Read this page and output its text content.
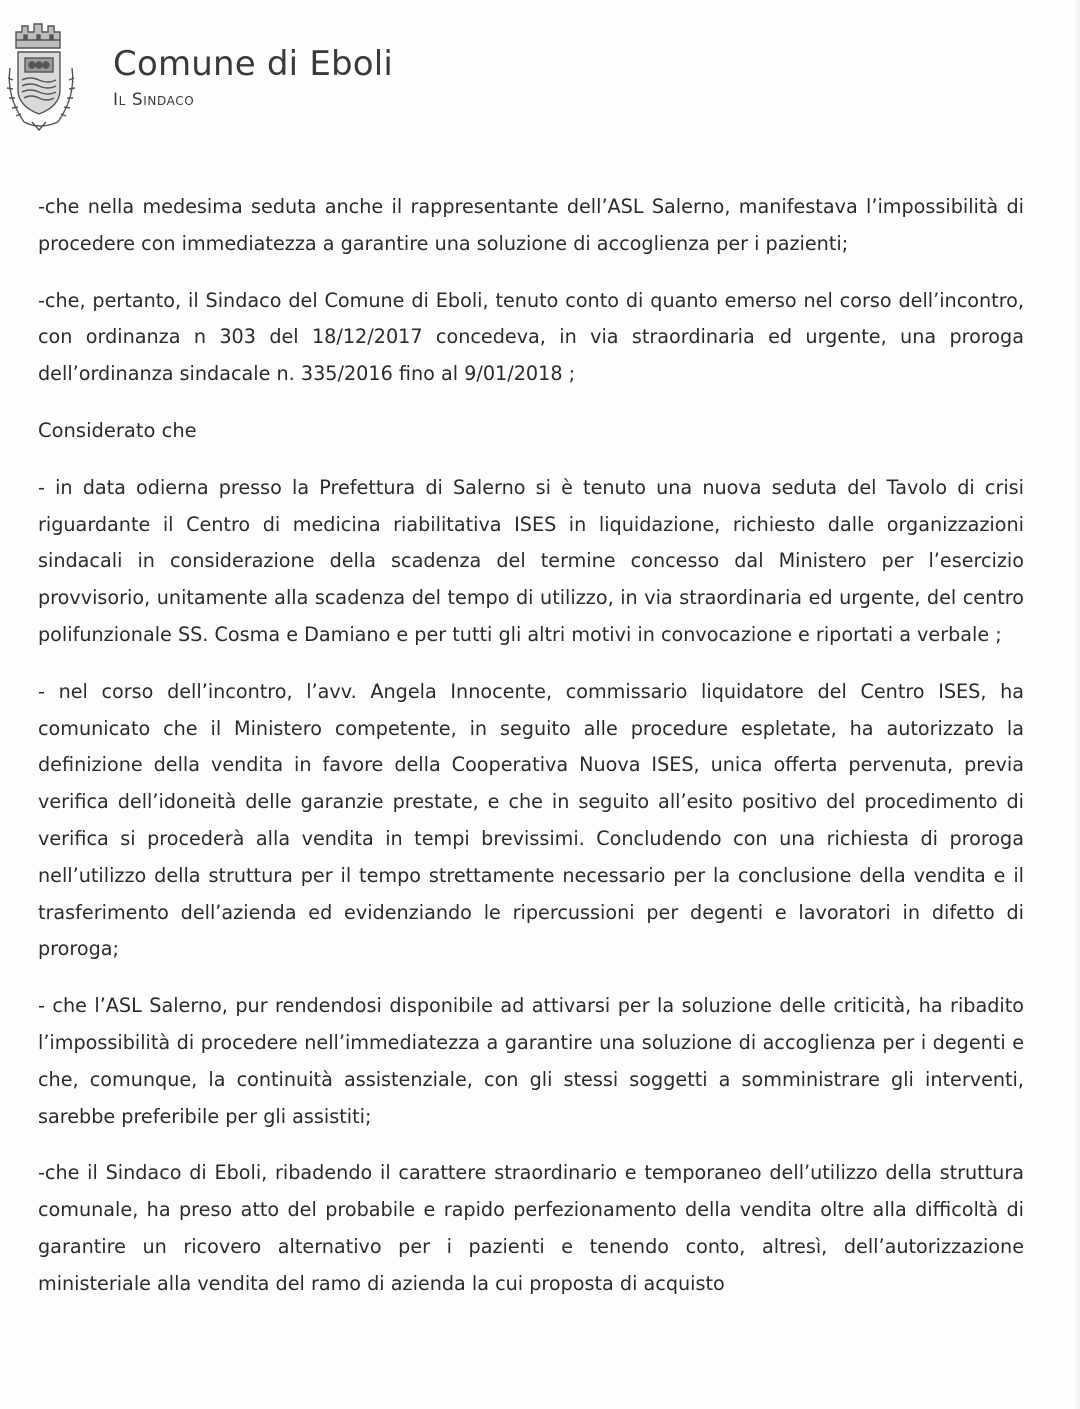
Comune di Eboli
Il Sindaco

-che nella medesima seduta anche il rappresentante dell’ASL Salerno, manifestava l’impossibilità di procedere con immediatezza a garantire una soluzione di accoglienza per i pazienti;

-che, pertanto, il Sindaco del Comune di Eboli, tenuto conto di quanto emerso nel corso dell’incontro, con ordinanza n 303 del 18/12/2017 concedeva, in via straordinaria ed urgente, una proroga dell’ordinanza sindacale n. 335/2016 fino al 9/01/2018 ;

Considerato che

- in data odierna presso la Prefettura di Salerno si è tenuto una nuova seduta del Tavolo di crisi riguardante il Centro di medicina riabilitativa ISES in liquidazione, richiesto dalle organizzazioni sindacali in considerazione della scadenza del termine concesso dal Ministero per l’esercizio provvisorio, unitamente alla scadenza del tempo di utilizzo, in via straordinaria ed urgente, del centro polifunzionale SS. Cosma e Damiano e per tutti gli altri motivi in convocazione e riportati a verbale ;

- nel corso dell’incontro, l’avv. Angela Innocente, commissario liquidatore del Centro ISES, ha comunicato che il Ministero competente, in seguito alle procedure espletate, ha autorizzato la definizione della vendita in favore della Cooperativa Nuova ISES, unica offerta pervenuta, previa verifica dell’idoneità delle garanzie prestate, e che in seguito all’esito positivo del procedimento di verifica si procederà alla vendita in tempi brevissimi. Concludendo con una richiesta di proroga nell’utilizzo della struttura per il tempo strettamente necessario per la conclusione della vendita e il trasferimento dell’azienda ed evidenziando le ripercussioni per degenti e lavoratori in difetto di proroga;

- che l’ASL Salerno, pur rendendosi disponibile ad attivarsi per la soluzione delle criticità, ha ribadito l’impossibilità di procedere nell’immediatezza a garantire una soluzione di accoglienza per i degenti e che, comunque, la continuità assistenziale, con gli stessi soggetti a somministrare gli interventi, sarebbe preferibile per gli assistiti;

-che il Sindaco di Eboli, ribadendo il carattere straordinario e temporaneo dell’utilizzo della struttura comunale, ha preso atto del probabile e rapido perfezionamento della vendita oltre alla difficoltà di garantire un ricovero alternativo per i pazienti e tenendo conto, altresì, dell’autorizzazione ministeriale alla vendita del ramo di azienda la cui proposta di acquisto
